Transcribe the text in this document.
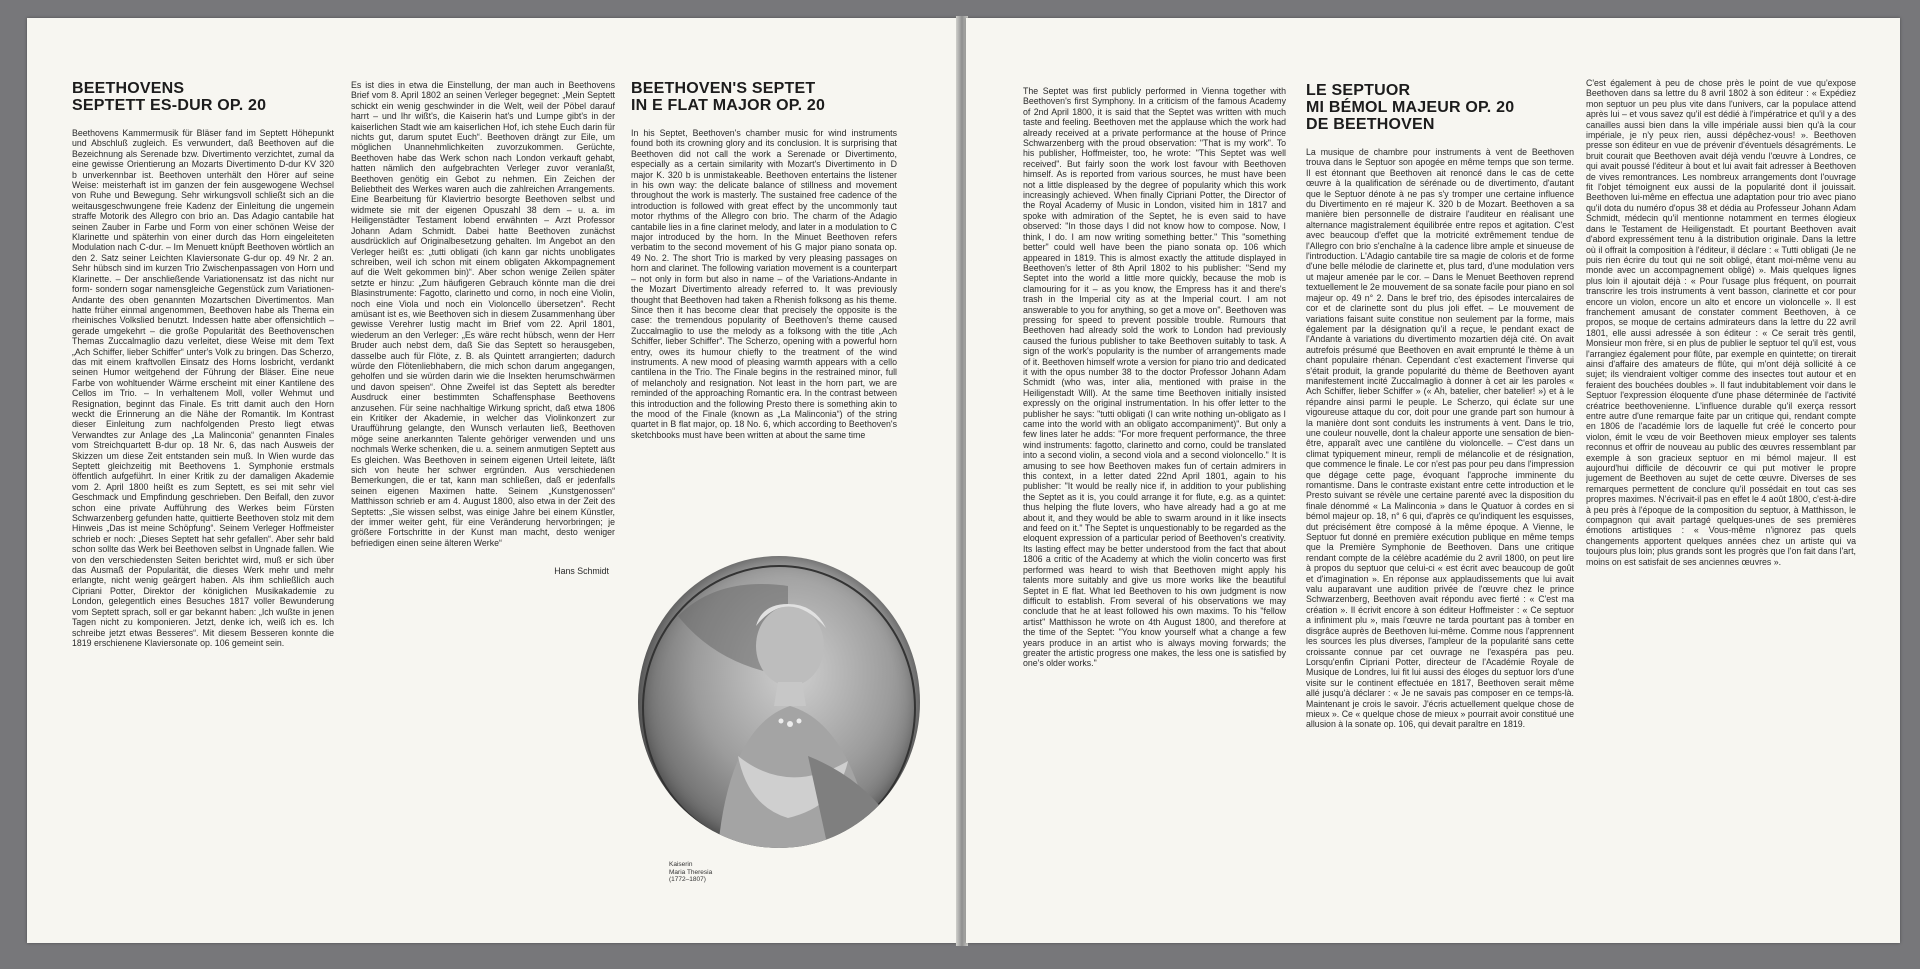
BEETHOVENS
SEPTETT ES-DUR OP. 20

Beethovens Kammermusik für Bläser fand im Septett Höhepunkt und Abschluß zugleich. Es verwundert, daß Beethoven auf die Bezeichnung als Serenade bzw. Divertimento verzichtet, zumal da eine gewisse Orientierung an Mozarts Divertimento D-dur KV 320 b unverkennbar ist. Beethoven unterhält den Hörer auf seine Weise: meisterhaft ist im ganzen der fein ausgewogene Wechsel von Ruhe und Bewegung. Sehr wirkungsvoll schließt sich an die weitausgeschwungene freie Kadenz der Einleitung die ungemein straffe Motorik des Allegro con brio an. Das Adagio cantabile hat seinen Zauber in Farbe und Form von einer schönen Weise der Klarinette und späterhin von einer durch das Horn eingeleiteten Modulation nach C-dur. – Im Menuett knüpft Beethoven wörtlich an den 2. Satz seiner Leichten Klaviersonate G-dur op. 49 Nr. 2 an. Sehr hübsch sind im kurzen Trio Zwischenpassagen von Horn und Klarinette. – Der anschließende Variationensatz ist das nicht nur form- sondern sogar namensgleiche Gegenstück zum Variationen-Andante des oben genannten Mozartschen Divertimentos. Man hatte früher einmal angenommen, Beethoven habe als Thema ein rheinisches Volkslied benutzt. Indessen hatte aber offensichtlich – gerade umgekehrt – die große Popularität des Beethovenschen Themas Zuccalmaglio dazu verleitet, diese Weise mit dem Text „Ach Schiffer, lieber Schiffer“ unter's Volk zu bringen. Das Scherzo, das mit einem kraftvollen Einsatz des Horns losbricht, verdankt seinen Humor weitgehend der Führung der Bläser. Eine neue Farbe von wohltuender Wärme erscheint mit einer Kantilene des Cellos im Trio. – In verhaltenem Moll, voller Wehmut und Resignation, beginnt das Finale. Es tritt damit auch den Horn weckt die Erinnerung an die Nähe der Romantik. Im Kontrast dieser Einleitung zum nachfolgenden Presto liegt etwas Verwandtes zur Anlage des „La Malinconia“ genannten Finales vom Streichquartett B-dur op. 18 Nr. 6, das nach Ausweis der Skizzen um diese Zeit entstanden sein muß. In Wien wurde das Septett gleichzeitig mit Beethovens 1. Symphonie erstmals öffentlich aufgeführt. In einer Kritik zu der damaligen Akademie vom 2. April 1800 heißt es zum Septett, es sei mit sehr viel Geschmack und Empfindung geschrieben. Den Beifall, den zuvor schon eine private Aufführung des Werkes beim Fürsten Schwarzenberg gefunden hatte, quittierte Beethoven stolz mit dem Hinweis „Das ist meine Schöpfung“. Seinem Verleger Hoffmeister schrieb er noch: „Dieses Septett hat sehr gefallen“. Aber sehr bald schon sollte das Werk bei Beethoven selbst in Ungnade fallen. Wie von den verschiedensten Seiten berichtet wird, muß er sich über das Ausmaß der Popularität, die dieses Werk mehr und mehr erlangte, nicht wenig geärgert haben. Als ihm schließlich auch Cipriani Potter, Direktor der königlichen Musikakademie zu London, gelegentlich eines Besuches 1817 voller Bewunderung vom Septett sprach, soll er gar bekannt haben: „Ich wußte in jenen Tagen nicht zu komponieren. Jetzt, denke ich, weiß ich es. Ich schreibe jetzt etwas Besseres“. Mit diesem Besseren konnte die 1819 erschienene Klaviersonate op. 106 gemeint sein.

Es ist dies in etwa die Einstellung, der man auch in Beethovens Brief vom 8. April 1802 an seinen Verleger begegnet: „Mein Septett schickt ein wenig geschwinder in die Welt, weil der Pöbel darauf harrt – und Ihr wißt's, die Kaiserin hat's und Lumpe gibt's in der kaiserlichen Stadt wie am kaiserlichen Hof, ich stehe Euch darin für nichts gut, darum sputet Euch“. Beethoven drängt zur Eile, um möglichen Unannehmlichkeiten zuvorzukommen. Gerüchte, Beethoven habe das Werk schon nach London verkauft gehabt, hatten nämlich den aufgebrachten Verleger zuvor veranlaßt, Beethoven genötig ein Gebot zu nehmen. Ein Zeichen der Beliebtheit des Werkes waren auch die zahlreichen Arrangements. Eine Bearbeitung für Klaviertrio besorgte Beethoven selbst und widmete sie mit der eigenen Opuszahl 38 dem – u. a. im Heiligenstädter Testament lobend erwähnten – Arzt Professor Johann Adam Schmidt. Dabei hatte Beethoven zunächst ausdrücklich auf Originalbesetzung gehalten. Im Angebot an den Verleger heißt es: „tutti obligati (ich kann gar nichts unobligates schreiben, weil ich schon mit einem obligaten Akkompagnement auf die Welt gekommen bin)“. Aber schon wenige Zeilen später setzte er hinzu: „Zum häufigeren Gebrauch könnte man die drei Blasinstrumente: Fagotto, clarinetto und corno, in noch eine Violin, noch eine Viola und noch ein Violoncello übersetzen“. Recht amüsant ist es, wie Beethoven sich in diesem Zusammenhang über gewisse Verehrer lustig macht im Brief vom 22. April 1801, wiederum an den Verleger: „Es wäre recht hübsch, wenn der Herr Bruder auch nebst dem, daß Sie das Septett so herausgeben, dasselbe auch für Flöte, z. B. als Quintett arrangierten; dadurch würde den Flötenliebhabern, die mich schon darum angegangen, geholfen und sie würden darin wie die Insekten herumschwärmen und davon speisen“. Ohne Zweifel ist das Septett als beredter Ausdruck einer bestimmten Schaffensphase Beethovens anzusehen. Für seine nachhaltige Wirkung spricht, daß etwa 1806 ein Kritiker der Akademie, in welcher das Violinkonzert zur Uraufführung gelangte, den Wunsch verlauten ließ, Beethoven möge seine anerkannten Talente gehöriger verwenden und uns nochmals Werke schenken, die u. a. seinem anmutigen Septett aus Es gleichen. Was Beethoven in seinem eigenen Urteil leitete, läßt sich von heute her schwer ergründen. Aus verschiedenen Bemerkungen, die er tat, kann man schließen, daß er jedenfalls seinen eigenen Maximen hatte. Seinem „Kunstgenossen“ Matthisson schrieb er am 4. August 1800, also etwa in der Zeit des Septetts: „Sie wissen selbst, was einige Jahre bei einem Künstler, der immer weiter geht, für eine Veränderung hervorbringen; je größere Fortschritte in der Kunst man macht, desto weniger befriedigen einen seine älteren Werke“

Hans Schmidt
BEETHOVEN'S SEPTET
IN E FLAT MAJOR OP. 20

In his Septet, Beethoven's chamber music for wind instruments found both its crowning glory and its conclusion. It is surprising that Beethoven did not call the work a Serenade or Divertimento, especially as a certain similarity with Mozart's Divertimento in D major K. 320 b is unmistakeable. Beethoven entertains the listener in his own way: the delicate balance of stillness and movement throughout the work is masterly. The sustained free cadence of the introduction is followed with great effect by the uncommonly taut motor rhythms of the Allegro con brio. The charm of the Adagio cantabile lies in a fine clarinet melody, and later in a modulation to C major introduced by the horn. In the Minuet Beethoven refers verbatim to the second movement of his G major piano sonata op. 49 No. 2. The short Trio is marked by very pleasing passages on horn and clarinet. The following variation movement is a counterpart – not only in form but also in name – of the Variations-Andante in the Mozart Divertimento already referred to. It was previously thought that Beethoven had taken a Rhenish folksong as his theme. Since then it has become clear that precisely the opposite is the case: the tremendous popularity of Beethoven's theme caused Zuccalmaglio to use the melody as a folksong with the title „Ach Schiffer, lieber Schiffer“. The Scherzo, opening with a powerful horn entry, owes its humour chiefly to the treatment of the wind instruments. A new mood of pleasing warmth appears with a cello cantilena in the Trio. The Finale begins in the restrained minor, full of melancholy and resignation. Not least in the horn part, we are reminded of the approaching Romantic era. In the contrast between this introduction and the following Presto there is something akin to the mood of the Finale (known as „La Malinconia“) of the string quartet in B flat major, op. 18 No. 6, which according to Beethoven's sketchbooks must have been written at about the same time

Kaiserin
Maria Theresia
(1772–1807)

The Septet was first publicly performed in Vienna together with Beethoven's first Symphony. In a criticism of the famous Academy of 2nd April 1800, it is said that the Septet was written with much taste and feeling. Beethoven met the applause which the work had already received at a private performance at the house of Prince Schwarzenberg with the proud observation: "That is my work". To his publisher, Hoffmeister, too, he wrote: "This Septet was well received". But fairly soon the work lost favour with Beethoven himself. As is reported from various sources, he must have been not a little displeased by the degree of popularity which this work increasingly achieved. When finally Cipriani Potter, the Director of the Royal Academy of Music in London, visited him in 1817 and spoke with admiration of the Septet, he is even said to have observed: "In those days I did not know how to compose. Now, I think, I do. I am now writing something better." This "something better" could well have been the piano sonata op. 106 which appeared in 1819. This is almost exactly the attitude displayed in Beethoven's letter of 8th April 1802 to his publisher: "Send my Septet into the world a little more quickly, because the mob is clamouring for it – as you know, the Empress has it and there's trash in the Imperial city as at the Imperial court. I am not answerable to you for anything, so get a move on". Beethoven was pressing for speed to prevent possible trouble. Rumours that Beethoven had already sold the work to London had previously caused the furious publisher to take Beethoven suitably to task. A sign of the work's popularity is the number of arrangements made of it. Beethoven himself wrote a version for piano trio and dedicated it with the opus number 38 to the doctor Professor Johann Adam Schmidt (who was, inter alia, mentioned with praise in the Heiligenstadt Will). At the same time Beethoven initially insisted expressly on the original instrumentation. In his offer letter to the publisher he says: "tutti obligati (I can write nothing un-obligato as I came into the world with an obligato accompaniment)". But only a few lines later he adds: "For more frequent performance, the three wind instruments: fagotto, clarinetto and corno, could be translated into a second violin, a second viola and a second violoncello." It is amusing to see how Beethoven makes fun of certain admirers in this context, in a letter dated 22nd April 1801, again to his publisher: "It would be really nice if, in addition to your publishing the Septet as it is, you could arrange it for flute, e.g. as a quintet: thus helping the flute lovers, who have already had a go at me about it, and they would be able to swarm around in it like insects and feed on it." The Septet is unquestionably to be regarded as the eloquent expression of a particular period of Beethoven's creativity. Its lasting effect may be better understood from the fact that about 1806 a critic of the Academy at which the violin concerto was first performed was heard to wish that Beethoven might apply his talents more suitably and give us more works like the beautiful Septet in E flat. What led Beethoven to his own judgment is now difficult to establish. From several of his observations we may conclude that he at least followed his own maxims. To his "fellow artist" Matthisson he wrote on 4th August 1800, and therefore at the time of the Septet: "You know yourself what a change a few years produce in an artist who is always moving forwards; the greater the artistic progress one makes, the less one is satisfied by one's older works."

LE SEPTUOR
MI BÉMOL MAJEUR OP. 20
DE BEETHOVEN

La musique de chambre pour instruments à vent de Beethoven trouva dans le Septuor son apogée en même temps que son terme. Il est étonnant que Beethoven ait renoncé dans le cas de cette œuvre à la qualification de sérénade ou de divertimento, d'autant que le Septuor dénote à ne pas s'y tromper une certaine influence du Divertimento en ré majeur K. 320 b de Mozart. Beethoven a sa manière bien personnelle de distraire l'auditeur en réalisant une alternance magistralement équilibrée entre repos et agitation. C'est avec beaucoup d'effet que la motricité extrêmement tendue de l'Allegro con brio s'enchaîne à la cadence libre ample et sinueuse de l'introduction. L'Adagio cantabile tire sa magie de coloris et de forme d'une belle mélodie de clarinette et, plus tard, d'une modulation vers ut majeur amenée par le cor. – Dans le Menuet Beethoven reprend textuellement le 2e mouvement de sa sonate facile pour piano en sol majeur op. 49 n° 2. Dans le bref trio, des épisodes intercalaires de cor et de clarinette sont du plus joli effet. – Le mouvement de variations faisant suite constitue non seulement par la forme, mais également par la désignation qu'il a reçue, le pendant exact de l'Andante à variations du divertimento mozartien déjà cité. On avait autrefois présumé que Beethoven en avait emprunté le thème à un chant populaire rhénan. Cependant c'est exactement l'inverse qui s'était produit, la grande popularité du thème de Beethoven ayant manifestement incité Zuccalmaglio à donner à cet air les paroles « Ach Schiffer, lieber Schiffer » (« Ah, batelier, cher batelier! ») et à le répandre ainsi parmi le peuple. Le Scherzo, qui éclate sur une vigoureuse attaque du cor, doit pour une grande part son humour à la manière dont sont conduits les instruments à vent. Dans le trio, une couleur nouvelle, dont la chaleur apporte une sensation de bien-être, apparaît avec une cantilène du violoncelle. – C'est dans un climat typiquement mineur, rempli de mélancolie et de résignation, que commence le finale. Le cor n'est pas pour peu dans l'impression que dégage cette page, évoquant l'approche imminente du romantisme. Dans le contraste existant entre cette introduction et le Presto suivant se révèle une certaine parenté avec la disposition du finale dénommé « La Malinconia » dans le Quatuor à cordes en si bémol majeur op. 18, n° 6 qui, d'après ce qu'indiquent les esquisses, dut précisément être composé à la même époque. A Vienne, le Septuor fut donné en première exécution publique en même temps que la Première Symphonie de Beethoven. Dans une critique rendant compte de la célèbre académie du 2 avril 1800, on peut lire à propos du septuor que celui-ci « est écrit avec beaucoup de goût et d'imagination ». En réponse aux applaudissements que lui avait valu auparavant une audition privée de l'œuvre chez le prince Schwarzenberg, Beethoven avait répondu avec fierté : « C'est ma création ». Il écrivit encore à son éditeur Hoffmeister : « Ce septuor a infiniment plu », mais l'œuvre ne tarda pourtant pas à tomber en disgrâce auprès de Beethoven lui-même. Comme nous l'apprennent les sources les plus diverses, l'ampleur de la popularité sans cette croissante connue par cet ouvrage ne l'exaspéra pas peu. Lorsqu'enfin Cipriani Potter, directeur de l'Académie Royale de Musique de Londres, lui fit lui aussi des éloges du septuor lors d'une visite sur le continent effectuée en 1817, Beethoven serait même allé jusqu'à déclarer : « Je ne savais pas composer en ce temps-là. Maintenant je crois le savoir. J'écris actuellement quelque chose de mieux ». Ce « quelque chose de mieux » pourrait avoir constitué une allusion à la sonate op. 106, qui devait paraître en 1819.

C'est également à peu de chose près le point de vue qu'expose Beethoven dans sa lettre du 8 avril 1802 à son éditeur : « Expédiez mon septuor un peu plus vite dans l'univers, car la populace attend après lui – et vous savez qu'il est dédié à l'impératrice et qu'il y a des canailles aussi bien dans la ville impériale aussi bien qu'à la cour impériale, je n'y peux rien, aussi dépêchez-vous! ». Beethoven presse son éditeur en vue de prévenir d'éventuels désagréments. Le bruit courait que Beethoven avait déjà vendu l'œuvre à Londres, ce qui avait poussé l'éditeur à bout et lui avait fait adresser à Beethoven de vives remontrances. Les nombreux arrangements dont l'ouvrage fit l'objet témoignent eux aussi de la popularité dont il jouissait. Beethoven lui-même en effectua une adaptation pour trio avec piano qu'il dota du numéro d'opus 38 et dédia au Professeur Johann Adam Schmidt, médecin qu'il mentionne notamment en termes élogieux dans le Testament de Heiligenstadt. Et pourtant Beethoven avait d'abord expressément tenu à la distribution originale. Dans la lettre où il offrait la composition à l'éditeur, il déclare : « Tutti obligati (Je ne puis rien écrire du tout qui ne soit obligé, étant moi-même venu au monde avec un accompagnement obligé) ». Mais quelques lignes plus loin il ajoutait déjà : « Pour l'usage plus fréquent, on pourrait transcrire les trois instruments à vent basson, clarinette et cor pour encore un violon, encore un alto et encore un violoncelle ». Il est franchement amusant de constater comment Beethoven, à ce propos, se moque de certains admirateurs dans la lettre du 22 avril 1801, elle aussi adressée à son éditeur : « Ce serait très gentil, Monsieur mon frère, si en plus de publier le septuor tel qu'il est, vous l'arrangiez également pour flûte, par exemple en quintette; on tirerait ainsi d'affaire des amateurs de flûte, qui m'ont déjà sollicité à ce sujet; ils viendraient voltiger comme des insectes tout autour et en feraient des bouchées doubles ». Il faut indubitablement voir dans le Septuor l'expression éloquente d'une phase déterminée de l'activité créatrice beethovenienne. L'influence durable qu'il exerça ressort entre autre d'une remarque faite par un critique qui, rendant compte en 1806 de l'académie lors de laquelle fut créé le concerto pour violon, émit le vœu de voir Beethoven mieux employer ses talents reconnus et offrir de nouveau au public des œuvres ressemblant par exemple à son gracieux septuor en mi bémol majeur. Il est aujourd'hui difficile de découvrir ce qui put motiver le propre jugement de Beethoven au sujet de cette œuvre. Diverses de ses remarques permettent de conclure qu'il possédait en tout cas ses propres maximes. N'écrivait-il pas en effet le 4 août 1800, c'est-à-dire à peu près à l'époque de la composition du septuor, à Matthisson, le compagnon qui avait partagé quelques-unes de ses premières émotions artistiques : « Vous-même n'ignorez pas quels changements apportent quelques années chez un artiste qui va toujours plus loin; plus grands sont les progrès que l'on fait dans l'art, moins on est satisfait de ses anciennes œuvres ».
